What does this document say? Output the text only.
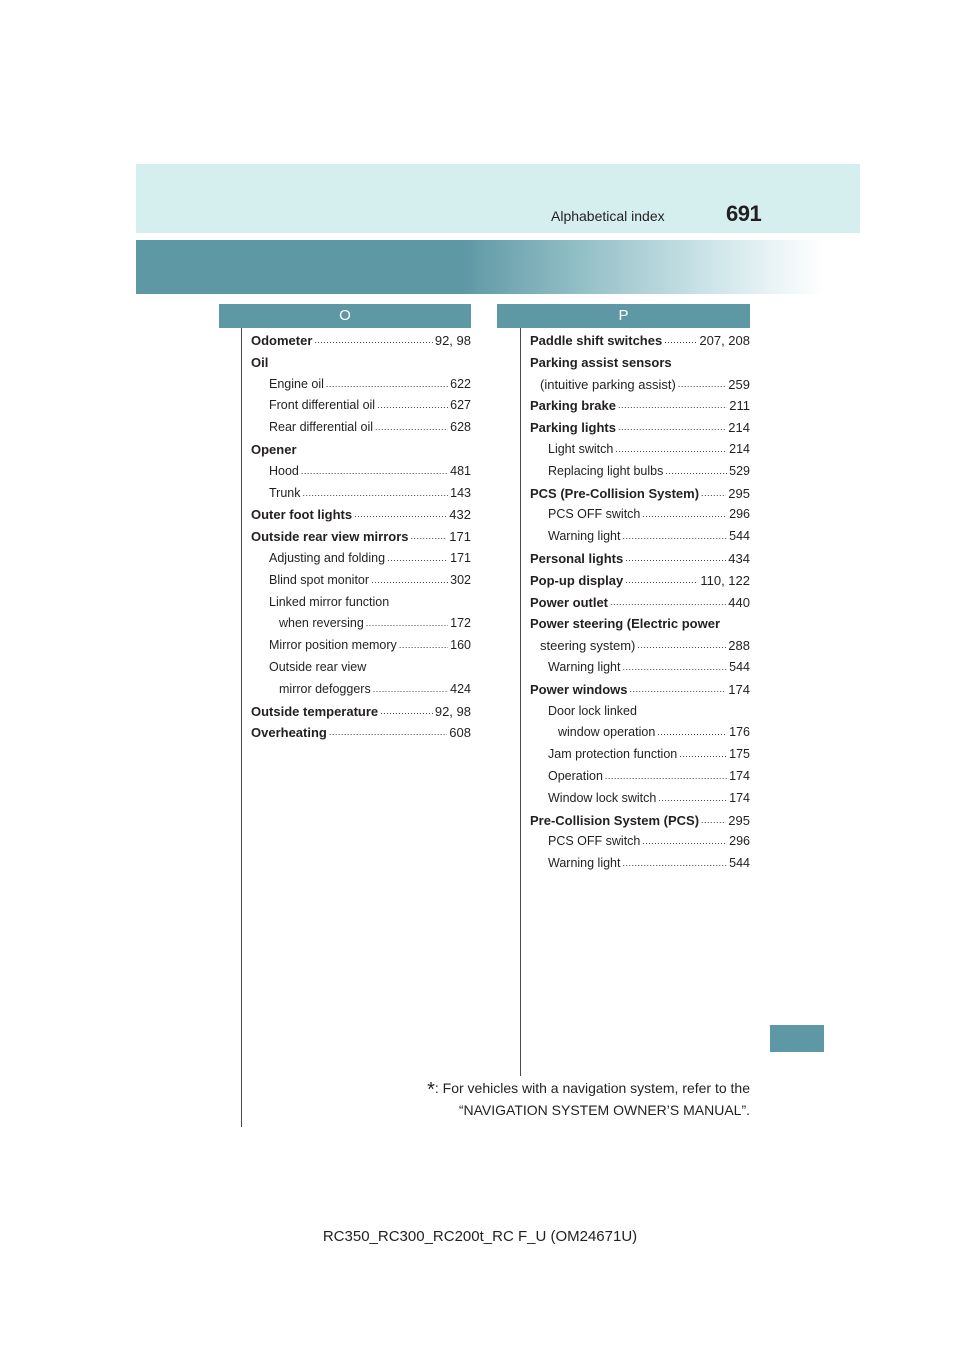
Alphabetical index	691
O	P
Odometer .....	92, 98
Oil
Engine oil .....	622
Front differential oil .....	627
Rear differential oil .....	628
Opener
Hood .....	481
Trunk .....	143
Outer foot lights .....	432
Outside rear view mirrors .....	171
Adjusting and folding .....	171
Blind spot monitor .....	302
Linked mirror function
when reversing .....	172
Mirror position memory .....	160
Outside rear view
mirror defoggers .....	424
Outside temperature .....	92, 98
Overheating .....	608
Paddle shift switches .....	207, 208
Parking assist sensors
(intuitive parking assist) .....	259
Parking brake .....	211
Parking lights .....	214
Light switch .....	214
Replacing light bulbs .....	529
PCS (Pre-Collision System) ..... 295
PCS OFF switch .....	296
Warning light .....	544
Personal lights .....	434
Pop-up display .....	110, 122
Power outlet .....	440
Power steering (Electric power
steering system) .....	288
Warning light .....	544
Power windows .....	174
Door lock linked
window operation .....	176
Jam protection function .....	175
Operation .....	174
Window lock switch .....	174
Pre-Collision System (PCS) ..... 295
PCS OFF switch .....	296
Warning light .....	544
*: For vehicles with a navigation system, refer to the
“NAVIGATION SYSTEM OWNER’S MANUAL”.
RC350_RC300_RC200t_RC F_U (OM24671U)
